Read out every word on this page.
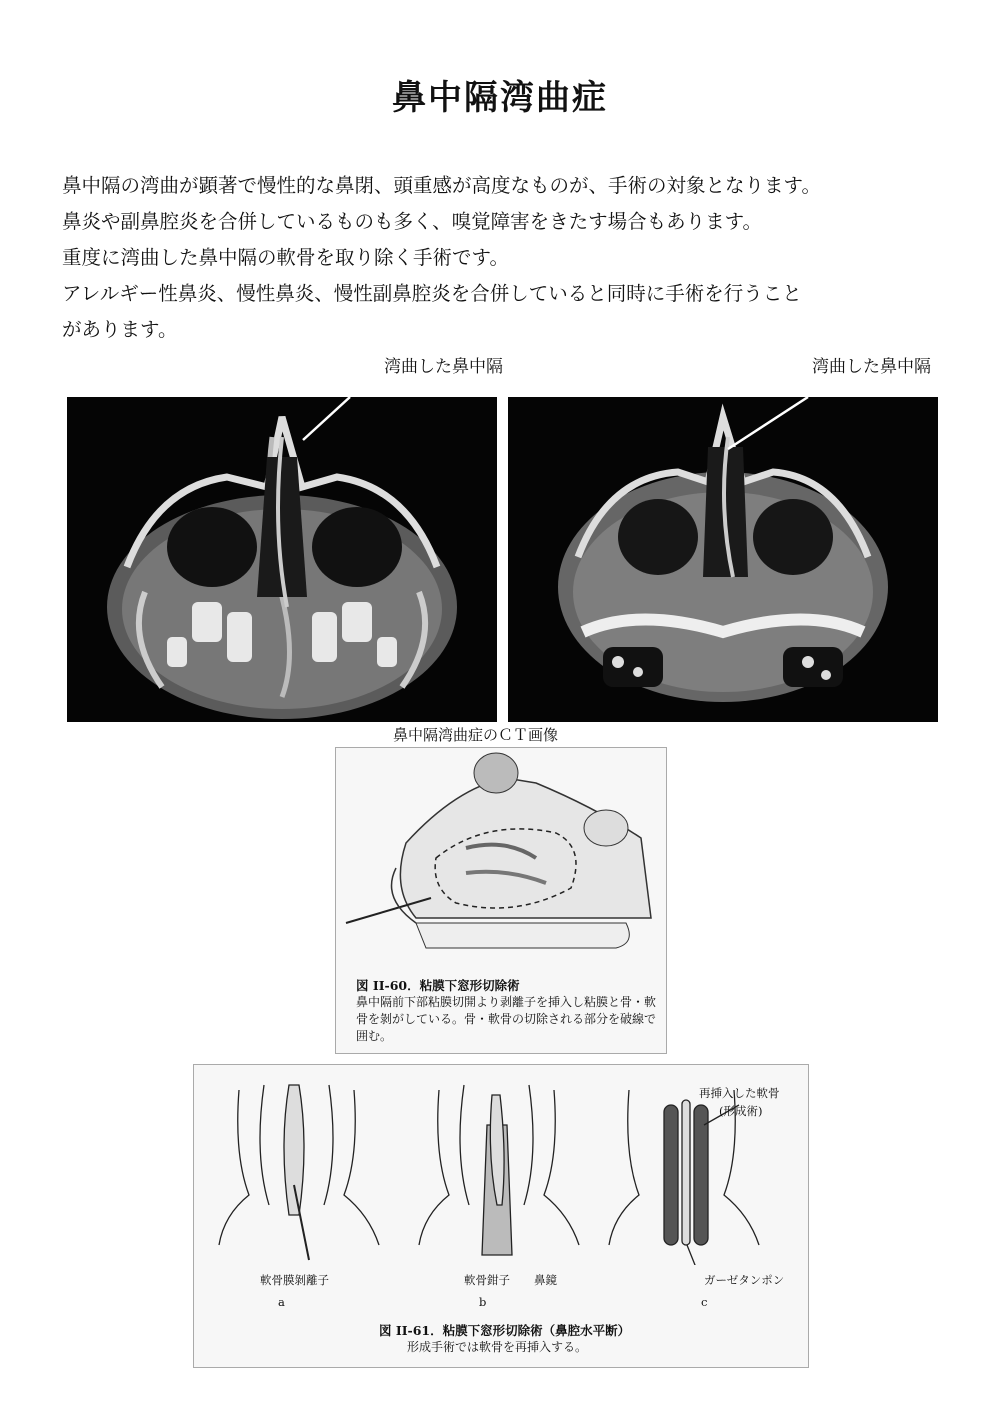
鼻中隔湾曲症

鼻中隔の湾曲が顕著で慢性的な鼻閉、頭重感が高度なものが、手術の対象となります。

鼻炎や副鼻腔炎を合併しているものも多く、嗅覚障害をきたす場合もあります。

重度に湾曲した鼻中隔の軟骨を取り除く手術です。

アレルギー性鼻炎、慢性鼻炎、慢性副鼻腔炎を合併していると同時に手術を行うこと

があります。

湾曲した鼻中隔	湾曲した鼻中隔
鼻中隔湾曲症のＣＴ画像
図 II-60．粘膜下窓形切除術
鼻中隔前下部粘膜切開より剥離子を挿入し粘膜と骨・軟
骨を剝がしている。骨・軟骨の切除される部分を破線で
囲む。
軟骨膜剝離子
a
軟骨鉗子 鼻鏡
b
再挿入した軟骨
(形成術)
ガーゼタンポン
c
図 II-61．粘膜下窓形切除術（鼻腔水平断）
形成手術では軟骨を再挿入する。
